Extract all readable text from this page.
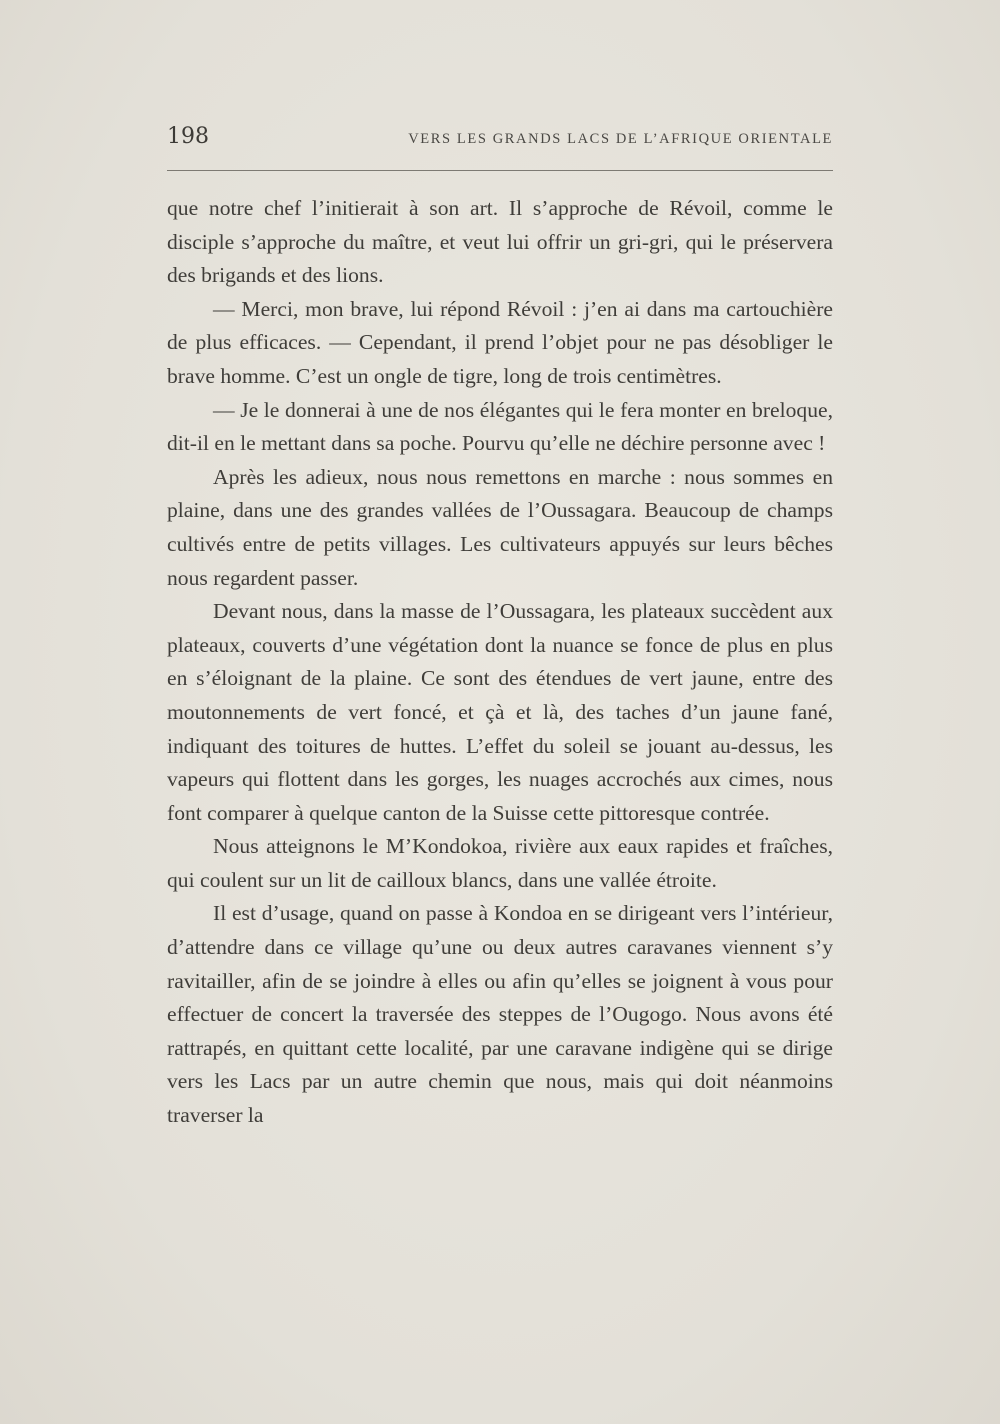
198	VERS LES GRANDS LACS DE L’AFRIQUE ORIENTALE

que notre chef l’initierait à son art. Il s’approche de Révoil, comme le disciple s’approche du maître, et veut lui offrir un gri-gri, qui le préservera des brigands et des lions.

— Merci, mon brave, lui répond Révoil : j’en ai dans ma cartouchière de plus efficaces. — Cependant, il prend l’objet pour ne pas désobliger le brave homme. C’est un ongle de tigre, long de trois centimètres.

— Je le donnerai à une de nos élégantes qui le fera monter en breloque, dit-il en le mettant dans sa poche. Pourvu qu’elle ne déchire personne avec !

Après les adieux, nous nous remettons en marche : nous sommes en plaine, dans une des grandes vallées de l’Oussagara. Beaucoup de champs cultivés entre de petits villages. Les cultivateurs appuyés sur leurs bêches nous regardent passer.

Devant nous, dans la masse de l’Oussagara, les plateaux succèdent aux plateaux, couverts d’une végétation dont la nuance se fonce de plus en plus en s’éloignant de la plaine. Ce sont des étendues de vert jaune, entre des moutonnements de vert foncé, et çà et là, des taches d’un jaune fané, indiquant des toitures de huttes. L’effet du soleil se jouant au-dessus, les vapeurs qui flottent dans les gorges, les nuages accrochés aux cimes, nous font comparer à quelque canton de la Suisse cette pittoresque contrée.

Nous atteignons le M’Kondokoa, rivière aux eaux rapides et fraîches, qui coulent sur un lit de cailloux blancs, dans une vallée étroite.

Il est d’usage, quand on passe à Kondoa en se dirigeant vers l’intérieur, d’attendre dans ce village qu’une ou deux autres caravanes viennent s’y ravitailler, afin de se joindre à elles ou afin qu’elles se joignent à vous pour effectuer de concert la traversée des steppes de l’Ougogo. Nous avons été rattrapés, en quittant cette localité, par une caravane indigène qui se dirige vers les Lacs par un autre chemin que nous, mais qui doit néanmoins traverser la
